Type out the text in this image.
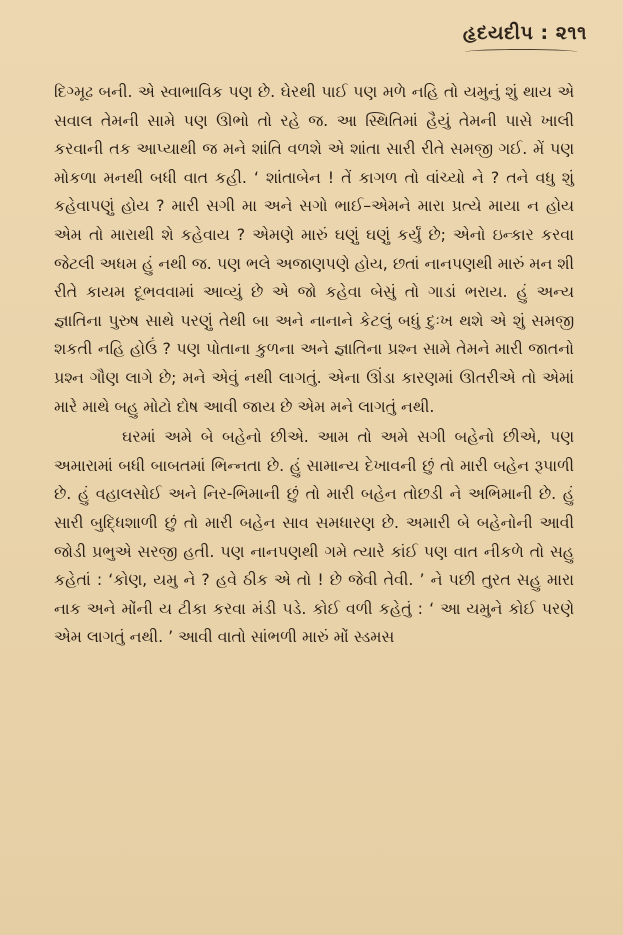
હૃદયદીપ : ૨૧૧

દિગ્મૂઢ બની. એ સ્વાભાવિક પણ છે. ઘેરથી પાઈ પણ મળે નહિ તો યમુનું શું થાય એ સવાલ તેમની સામે પણ ઊભો તો રહે જ. આ સ્થિતિમાં હૈયું તેમની પાસે ખાલી કરવાની તક આપ્યાથી જ મને શાંતિ વળશે એ શાંતા સારી રીતે સમજી ગઈ. મેં પણ મોકળા મનથી બધી વાત કહી. ‘ શાંતાબેન ! તેં કાગળ તો વાંચ્યો ને ? તને વધુ શું કહેવાપણું હોય ? મારી સગી મા અને સગો ભાઈ–એમને મારા પ્રત્યે માયા ન હોય એમ તો મારાથી શે કહેવાય ? એમણે મારું ઘણું ઘણું કર્યું છે; એનો ઇન્કાર કરવા જેટલી અધમ હું નથી જ. પણ ભલે અજાણપણે હોય, છતાં નાનપણથી મારું મન શી રીતે કાયમ દૂભવવામાં આવ્યું છે એ જો કહેવા બેસું તો ગાડાં ભરાય. હું અન્ય જ્ઞાતિના પુરુષ સાથે પરણું તેથી બા અને નાનાને કેટલું બધું દુઃખ થશે એ શું સમજી શકતી નહિ હોઉં ? પણ પોતાના કુળના અને જ્ઞાતિના પ્રશ્ન સામે તેમને મારી જાતનો પ્રશ્ન ગૌણ લાગે છે; મને એવું નથી લાગતું. એના ઊંડા કારણમાં ઊતરીએ તો એમાં મારે માથે બહુ મોટો દોષ આવી જાય છે એમ મને લાગતું નથી.

ઘરમાં અમે બે બહેનો છીએ. આમ તો અમે સગી બહેનો છીએ, પણ અમારામાં બધી બાબતમાં ભિન્નતા છે. હું સામાન્ય દેખાવની છું તો મારી બહેન રૂપાળી છે. હું વહાલસોઈ અને નિર-ભિમાની છું તો મારી બહેન તોછડી ને અભિમાની છે. હું સારી બુદ્ધિશાળી છું તો મારી બહેન સાવ સમધારણ છે. અમારી બે બહેનોની આવી જોડી પ્રભુએ સરજી હતી. પણ નાનપણથી ગમે ત્યારે કાંઈ પણ વાત નીકળે તો સહુ કહેતાં : ‘કોણ, યમુ ને ? હવે ઠીક એ તો ! છે જેવી તેવી. ’ ને પછી તુરત સહુ મારા નાક અને મોંની ય ટીકા કરવા મંડી પડે. કોઈ વળી કહેતું : ‘ આ યમુને કોઈ પરણે એમ લાગતું નથી. ’ આવી વાતો સાંભળી મારું મોં સ્ડમસ
